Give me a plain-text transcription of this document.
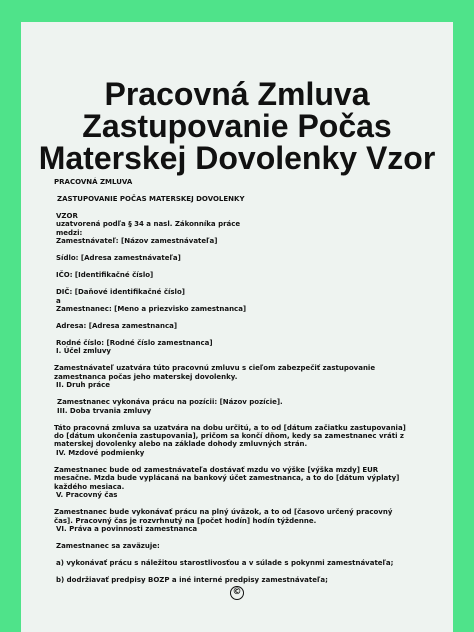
Pracovná Zmluva
Zastupovanie Počas
Materskej Dovolenky Vzor

PRACOVNÁ ZMLUVA

ZASTUPOVANIE POČAS MATERSKEJ DOVOLENKY

VZOR

uzatvorená podľa § 34 a nasl. Zákonníka práce

medzi:

Zamestnávateľ: [Názov zamestnávateľa]

Sídlo: [Adresa zamestnávateľa]

IČO: [Identifikačné číslo]

DIČ: [Daňové identifikačné číslo]

a

Zamestnanec: [Meno a priezvisko zamestnanca]

Adresa: [Adresa zamestnanca]

Rodné číslo: [Rodné číslo zamestnanca]

I. Účel zmluvy

Zamestnávateľ uzatvára túto pracovnú zmluvu s cieľom zabezpečiť zastupovanie zamestnanca počas jeho materskej dovolenky.

II. Druh práce

Zamestnanec vykonáva prácu na pozícii: [Názov pozície].

III. Doba trvania zmluvy

Táto pracovná zmluva sa uzatvára na dobu určitú, a to od [dátum začiatku zastupovania] do [dátum ukončenia zastupovania], pričom sa končí dňom, kedy sa zamestnanec vráti z materskej dovolenky alebo na základe dohody zmluvných strán.

IV. Mzdové podmienky

Zamestnanec bude od zamestnávateľa dostávať mzdu vo výške [výška mzdy] EUR mesačne. Mzda bude vyplácaná na bankový účet zamestnanca, a to do [dátum výplaty] každého mesiaca.

V. Pracovný čas

Zamestnanec bude vykonávať prácu na plný úväzok, a to od [časovo určený pracovný čas]. Pracovný čas je rozvrhnutý na [počet hodín] hodín týždenne.

VI. Práva a povinnosti zamestnanca

Zamestnanec sa zaväzuje:

a) vykonávať prácu s náležitou starostlivosťou a v súlade s pokynmi zamestnávateľa;

b) dodržiavať predpisy BOZP a iné interné predpisy zamestnávateľa;

©
